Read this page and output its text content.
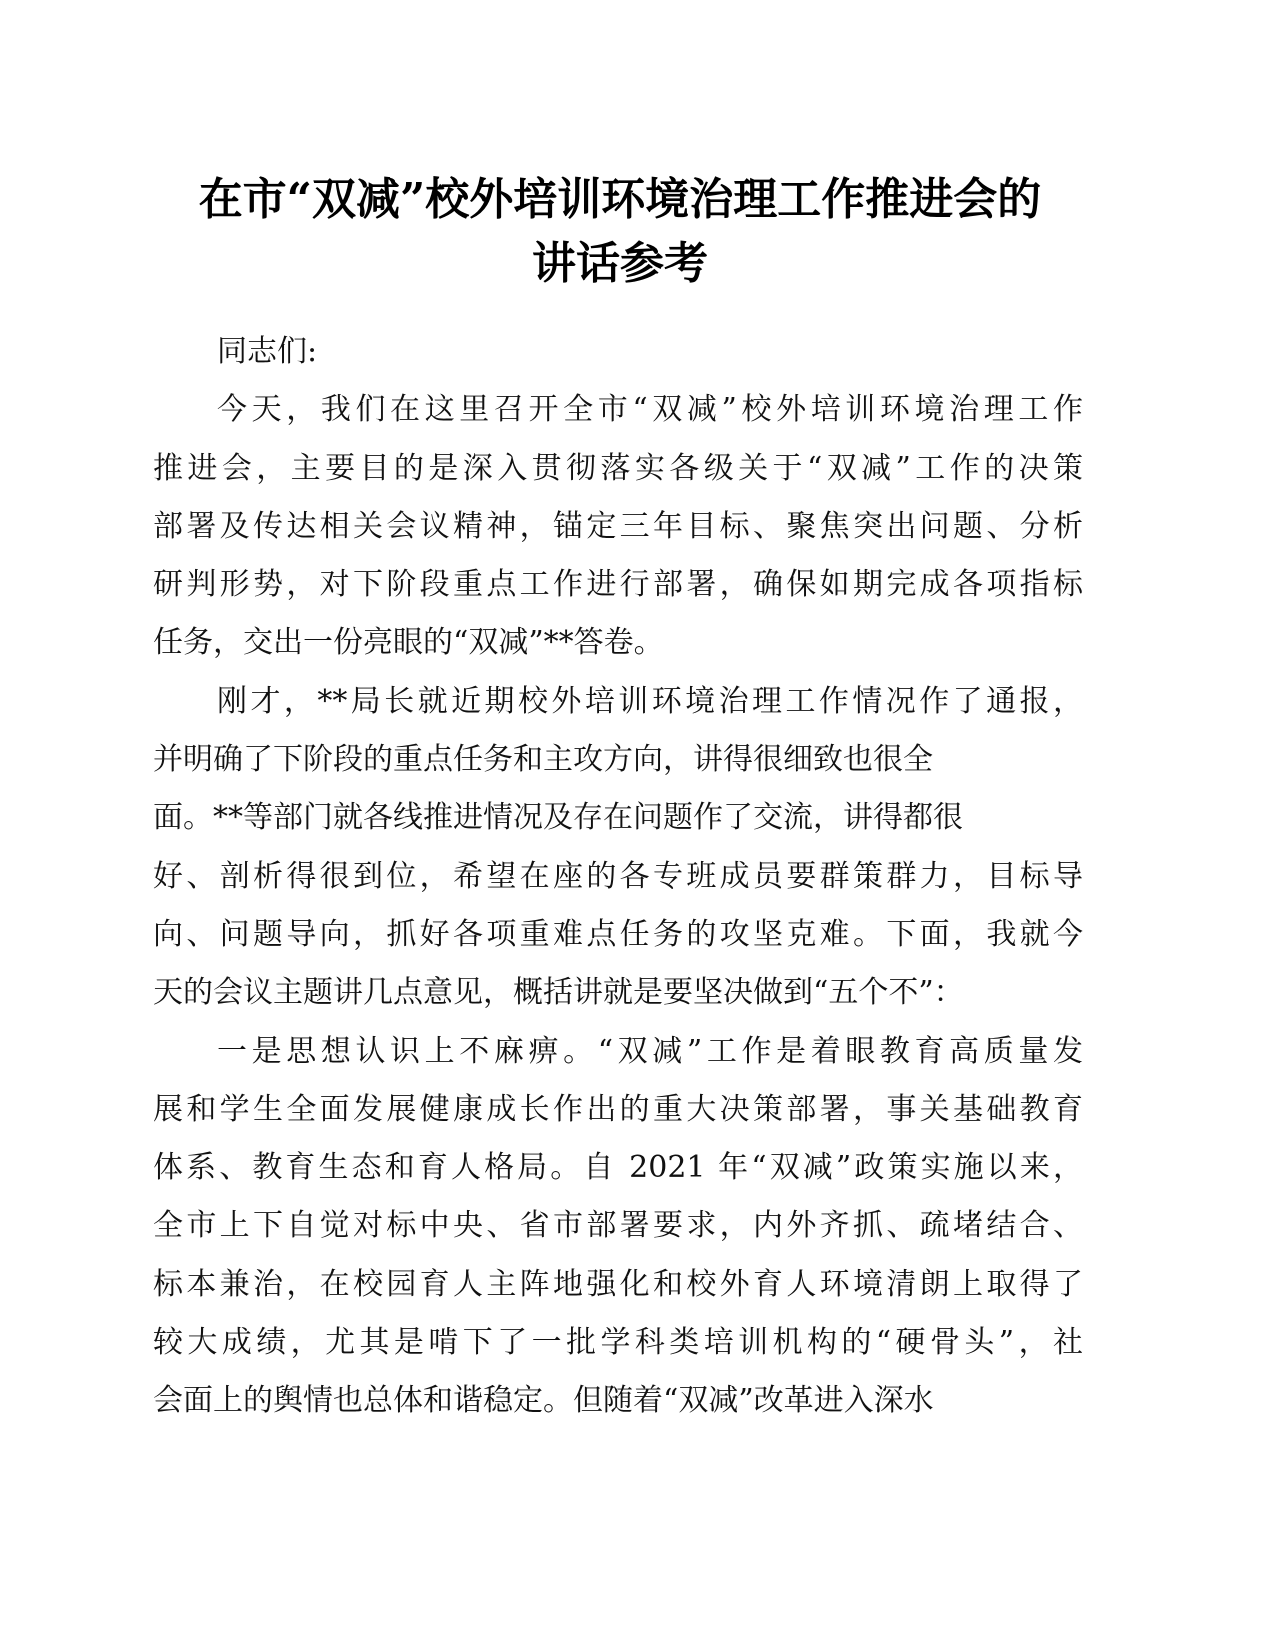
在市“双减”校外培训环境治理工作推进会的
讲话参考
同志们:
今天，我们在这里召开全市“双减”校外培训环境治理工作
推进会，主要目的是深入贯彻落实各级关于“双减”工作的决策
部署及传达相关会议精神，锚定三年目标、聚焦突出问题、分析
研判形势，对下阶段重点工作进行部署，确保如期完成各项指标
任务，交出一份亮眼的“双减”**答卷。
刚才，**局长就近期校外培训环境治理工作情况作了通报，
并明确了下阶段的重点任务和主攻方向，讲得很细致也很全
面。**等部门就各线推进情况及存在问题作了交流，讲得都很
好、剖析得很到位，希望在座的各专班成员要群策群力，目标导
向、问题导向，抓好各项重难点任务的攻坚克难。下面，我就今
天的会议主题讲几点意见，概括讲就是要坚决做到“五个不”：
一是思想认识上不麻痹。“双减”工作是着眼教育高质量发
展和学生全面发展健康成长作出的重大决策部署，事关基础教育
体系、教育生态和育人格局。自 2021 年“双减”政策实施以来，
全市上下自觉对标中央、省市部署要求，内外齐抓、疏堵结合、
标本兼治，在校园育人主阵地强化和校外育人环境清朗上取得了
较大成绩，尤其是啃下了一批学科类培训机构的“硬骨头”，社
会面上的舆情也总体和谐稳定。但随着“双减”改革进入深水
